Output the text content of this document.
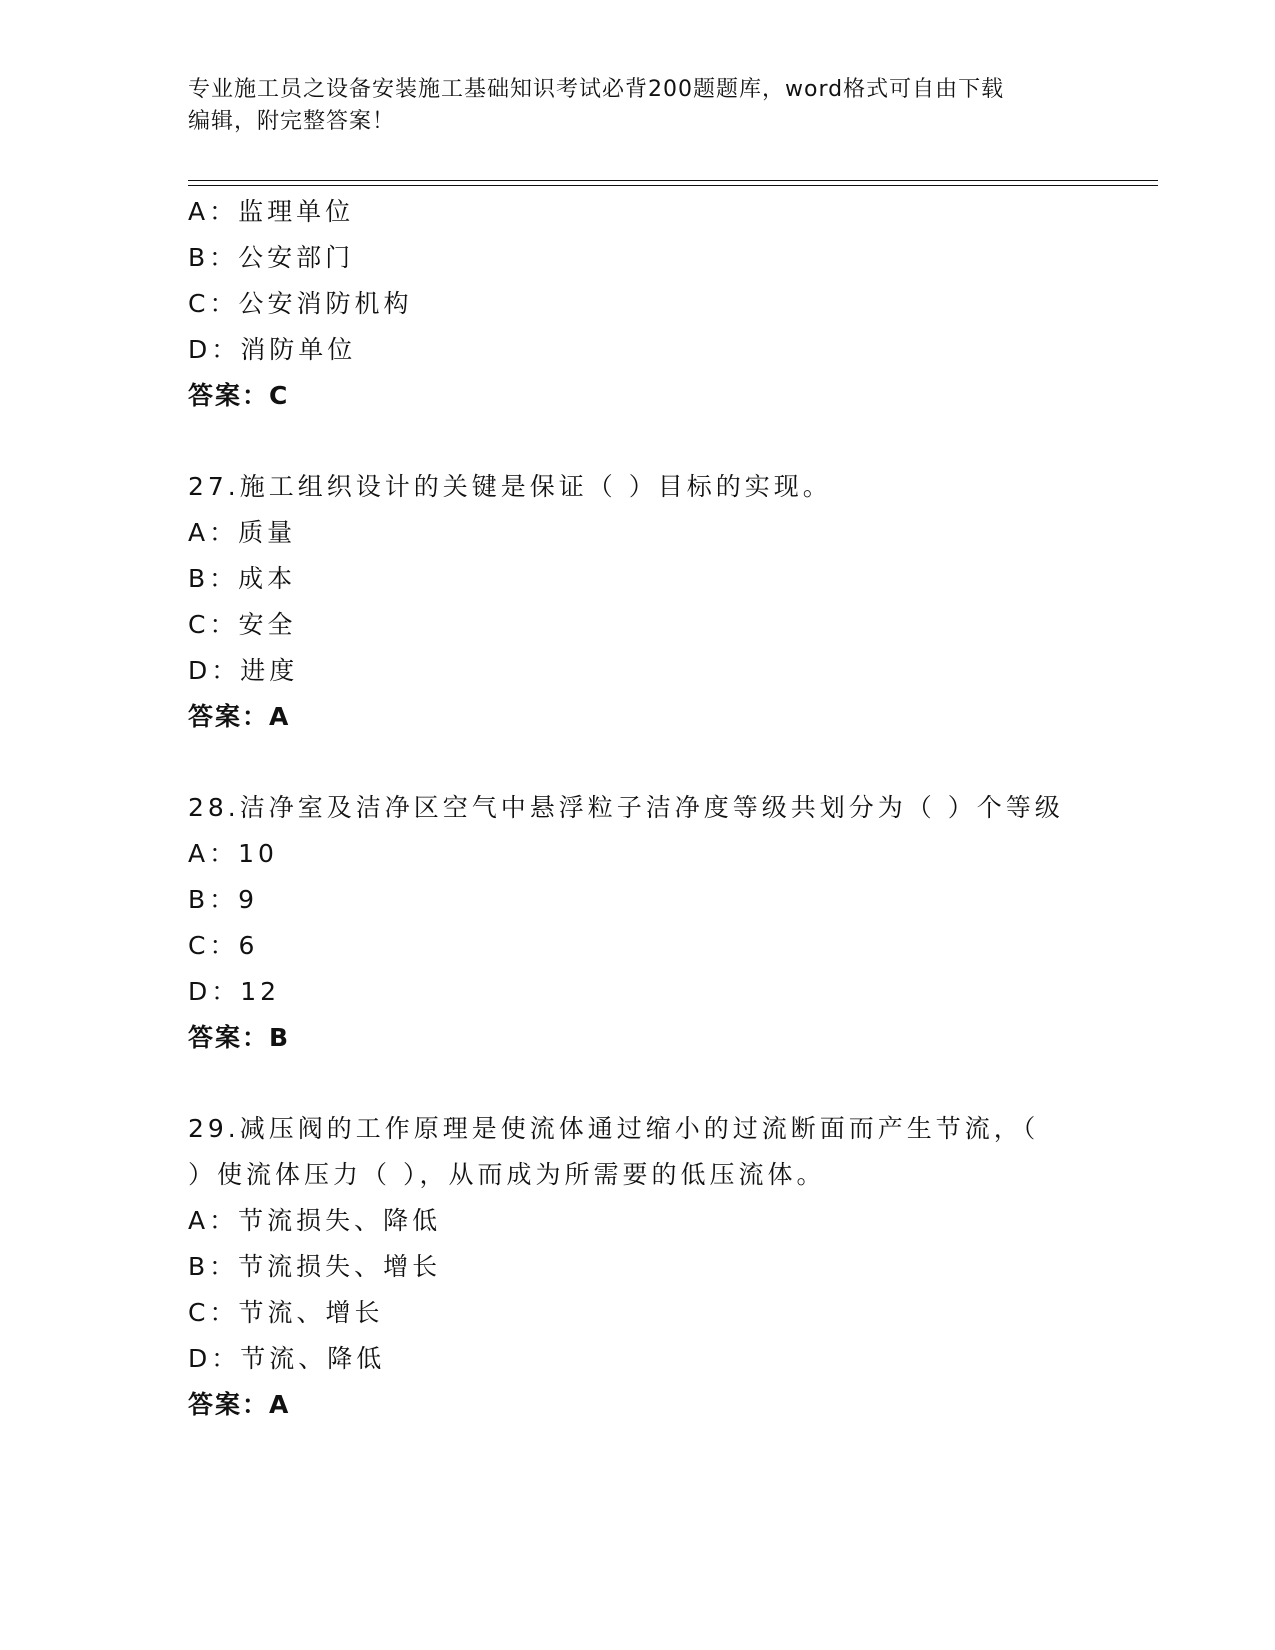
专业施工员之设备安装施工基础知识考试必背200题题库，word格式可自由下载
编辑，附完整答案！
A：监理单位
B：公安部门
C：公安消防机构
D：消防单位
答案：C
27.施工组织设计的关键是保证（ ）目标的实现。
A：质量
B：成本
C：安全
D：进度
答案：A
28.洁净室及洁净区空气中悬浮粒子洁净度等级共划分为（ ）个等级
A：10
B：9
C：6
D：12
答案：B
29.减压阀的工作原理是使流体通过缩小的过流断面而产生节流，（
）使流体压力（ ），从而成为所需要的低压流体。
A：节流损失、降低
B：节流损失、增长
C：节流、增长
D：节流、降低
答案：A
